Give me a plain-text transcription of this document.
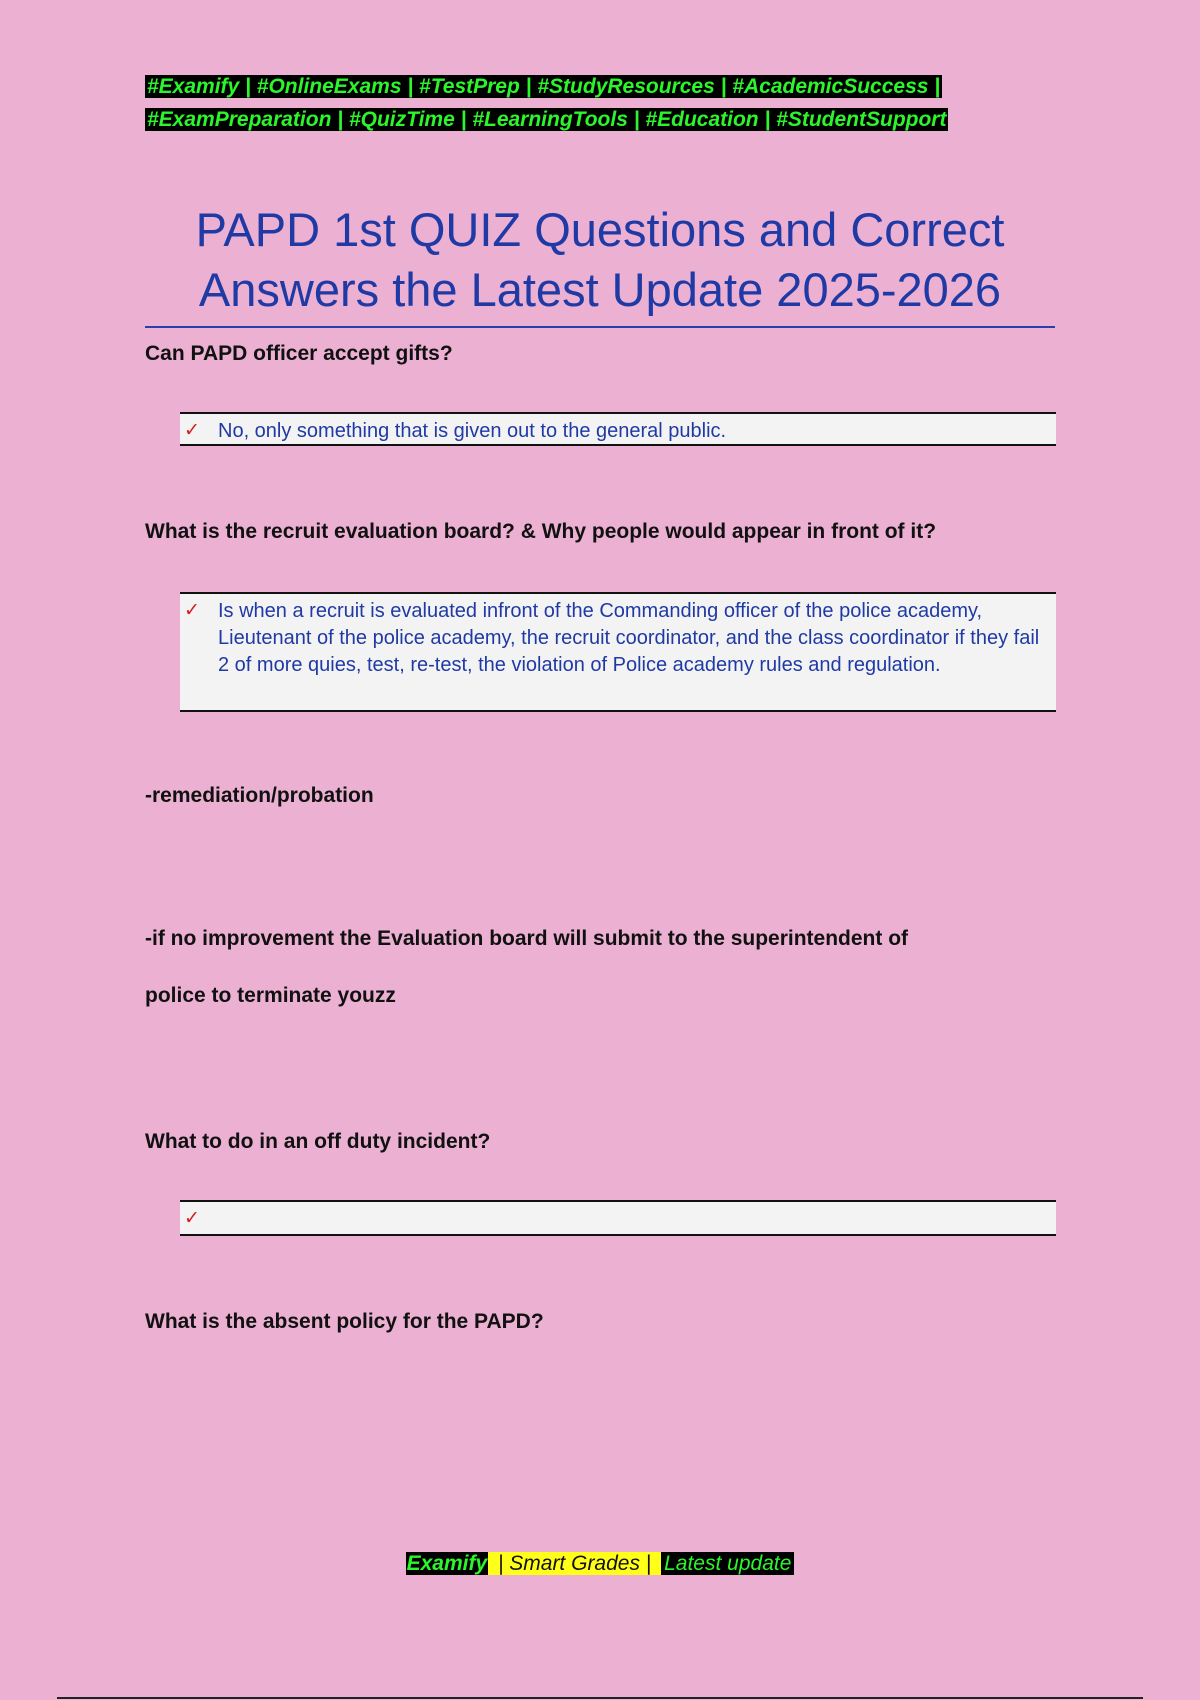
#Examify | #OnlineExams | #TestPrep | #StudyResources | #AcademicSuccess | #ExamPreparation | #QuizTime | #LearningTools | #Education | #StudentSupport
PAPD 1st QUIZ Questions and Correct
Answers the Latest Update 2025-2026
Can PAPD officer accept gifts?
✓ No, only something that is given out to the general public.
What is the recruit evaluation board? & Why people would appear in front of it?
✓ Is when a recruit is evaluated infront of the Commanding officer of the police academy, Lieutenant of the police academy, the recruit coordinator, and the class coordinator if they fail 2 of more quies, test, re-test, the violation of Police academy rules and regulation.
-remediation/probation
-if no improvement the Evaluation board will submit to the superintendent of
police to terminate youzz
What to do in an off duty incident?
✓
What is the absent policy for the PAPD?
Examify | Smart Grades | Latest update
